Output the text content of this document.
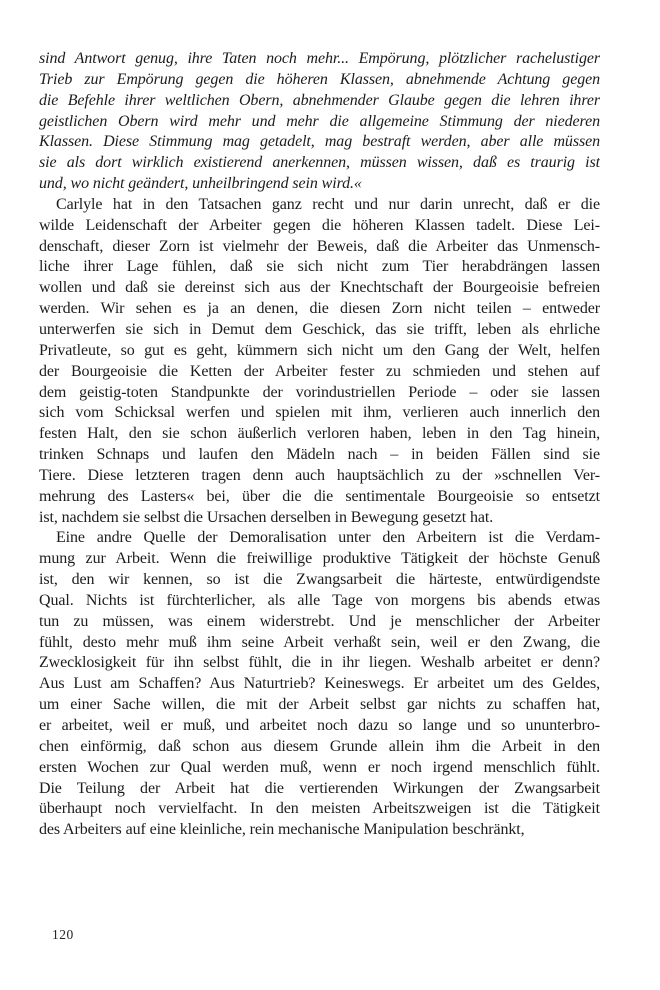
sind Antwort genug, ihre Taten noch mehr... Empörung, plötzlicher rachelustiger
Trieb zur Empörung gegen die höheren Klassen, abnehmende Achtung gegen
die Befehle ihrer weltlichen Obern, abnehmender Glaube gegen die lehren ihrer
geistlichen Obern wird mehr und mehr die allgemeine Stimmung der niederen
Klassen. Diese Stimmung mag getadelt, mag bestraft werden, aber alle müssen
sie als dort wirklich existierend anerkennen, müssen wissen, daß es traurig ist
und, wo nicht geändert, unheilbringend sein wird.«
Carlyle hat in den Tatsachen ganz recht und nur darin unrecht, daß er die
wilde Leidenschaft der Arbeiter gegen die höheren Klassen tadelt. Diese Lei-
denschaft, dieser Zorn ist vielmehr der Beweis, daß die Arbeiter das Unmensch-
liche ihrer Lage fühlen, daß sie sich nicht zum Tier herabdrängen lassen
wollen und daß sie dereinst sich aus der Knechtschaft der Bourgeoisie befreien
werden. Wir sehen es ja an denen, die diesen Zorn nicht teilen – entweder
unterwerfen sie sich in Demut dem Geschick, das sie trifft, leben als ehrliche
Privatleute, so gut es geht, kümmern sich nicht um den Gang der Welt, helfen
der Bourgeoisie die Ketten der Arbeiter fester zu schmieden und stehen auf
dem geistig-toten Standpunkte der vorindustriellen Periode – oder sie lassen
sich vom Schicksal werfen und spielen mit ihm, verlieren auch innerlich den
festen Halt, den sie schon äußerlich verloren haben, leben in den Tag hinein,
trinken Schnaps und laufen den Mädeln nach – in beiden Fällen sind sie
Tiere. Diese letzteren tragen denn auch hauptsächlich zu der »schnellen Ver-
mehrung des Lasters« bei, über die die sentimentale Bourgeoisie so entsetzt
ist, nachdem sie selbst die Ursachen derselben in Bewegung gesetzt hat.
Eine andre Quelle der Demoralisation unter den Arbeitern ist die Verdam-
mung zur Arbeit. Wenn die freiwillige produktive Tätigkeit der höchste Genuß
ist, den wir kennen, so ist die Zwangsarbeit die härteste, entwürdigendste
Qual. Nichts ist fürchterlicher, als alle Tage von morgens bis abends etwas
tun zu müssen, was einem widerstrebt. Und je menschlicher der Arbeiter
fühlt, desto mehr muß ihm seine Arbeit verhaßt sein, weil er den Zwang, die
Zwecklosigkeit für ihn selbst fühlt, die in ihr liegen. Weshalb arbeitet er denn?
Aus Lust am Schaffen? Aus Naturtrieb? Keineswegs. Er arbeitet um des Geldes,
um einer Sache willen, die mit der Arbeit selbst gar nichts zu schaffen hat,
er arbeitet, weil er muß, und arbeitet noch dazu so lange und so ununterbro-
chen einförmig, daß schon aus diesem Grunde allein ihm die Arbeit in den
ersten Wochen zur Qual werden muß, wenn er noch irgend menschlich fühlt.
Die Teilung der Arbeit hat die vertierenden Wirkungen der Zwangsarbeit
überhaupt noch vervielfacht. In den meisten Arbeitszweigen ist die Tätigkeit
des Arbeiters auf eine kleinliche, rein mechanische Manipulation beschränkt,
120
